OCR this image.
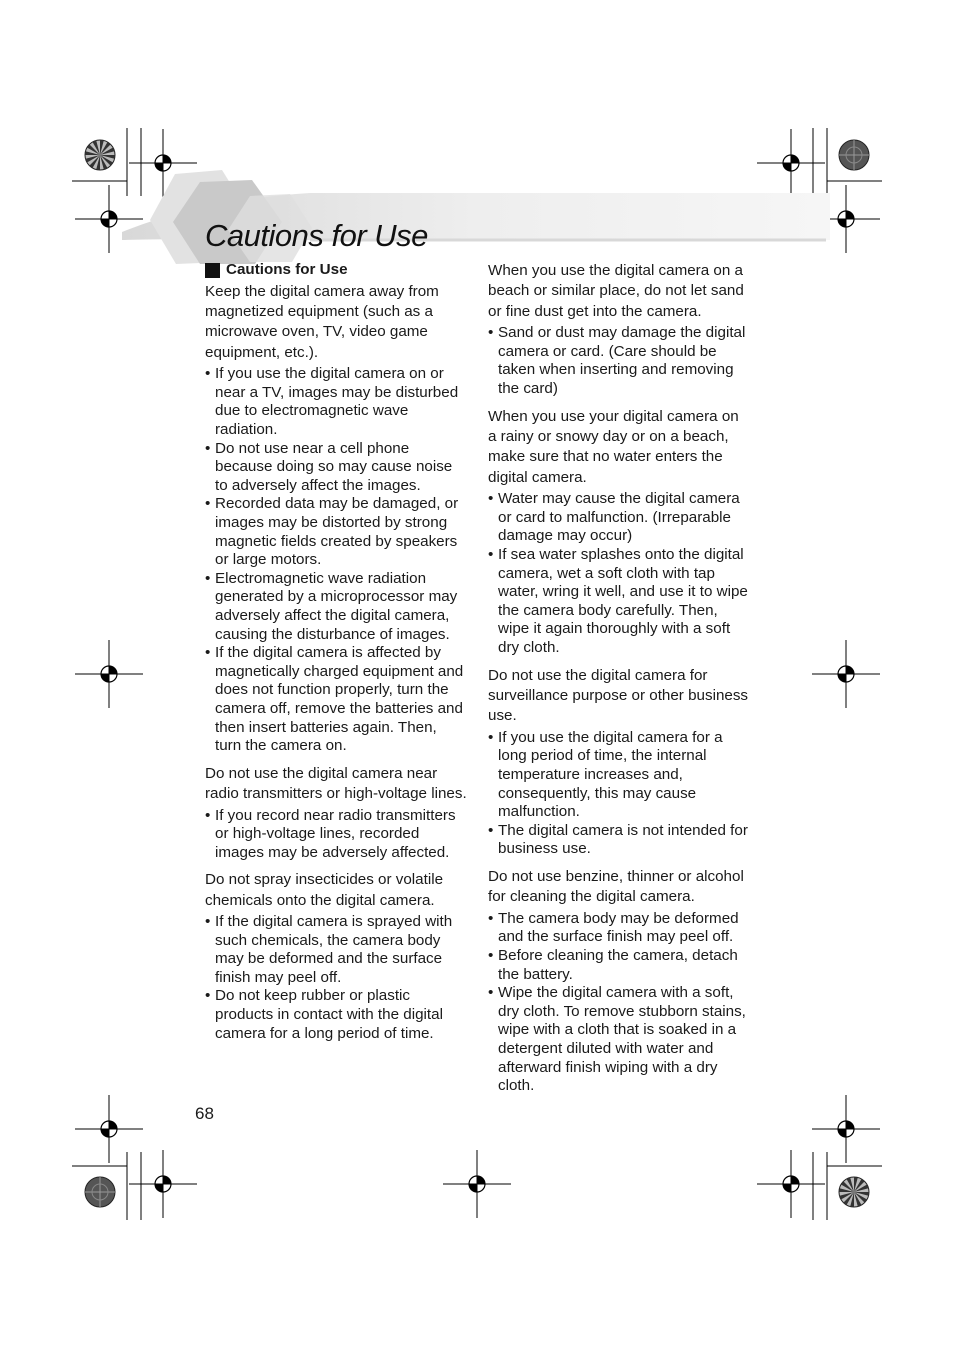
Cautions for Use
Cautions for Use

Keep the digital camera away from magnetized equipment (such as a microwave oven, TV, video game equipment, etc.).

• If you use the digital camera on or near a TV, images may be disturbed due to electromagnetic wave radiation.
• Do not use near a cell phone because doing so may cause noise to adversely affect the images.
• Recorded data may be damaged, or images may be distorted by strong magnetic fields created by speakers or large motors.
• Electromagnetic wave radiation generated by a microprocessor may adversely affect the digital camera, causing the disturbance of images.
• If the digital camera is affected by magnetically charged equipment and does not function properly, turn the camera off, remove the batteries and then insert batteries again. Then, turn the camera on.

Do not use the digital camera near radio transmitters or high-voltage lines.

• If you record near radio transmitters or high-voltage lines, recorded images may be adversely affected.

Do not spray insecticides or volatile chemicals onto the digital camera.

• If the digital camera is sprayed with such chemicals, the camera body may be deformed and the surface finish may peel off.
• Do not keep rubber or plastic products in contact with the digital camera for a long period of time.

When you use the digital camera on a beach or similar place, do not let sand or fine dust get into the camera.

• Sand or dust may damage the digital camera or card. (Care should be taken when inserting and removing the card)

When you use your digital camera on a rainy or snowy day or on a beach, make sure that no water enters the digital camera.

• Water may cause the digital camera or card to malfunction. (Irreparable damage may occur)
• If sea water splashes onto the digital camera, wet a soft cloth with tap water, wring it well, and use it to wipe the camera body carefully. Then, wipe it again thoroughly with a soft dry cloth.

Do not use the digital camera for surveillance purpose or other business use.

• If you use the digital camera for a long period of time, the internal temperature increases and, consequently, this may cause malfunction.
• The digital camera is not intended for business use.

Do not use benzine, thinner or alcohol for cleaning the digital camera.

• The camera body may be deformed and the surface finish may peel off.
• Before cleaning the camera, detach the battery.
• Wipe the digital camera with a soft, dry cloth. To remove stubborn stains, wipe with a cloth that is soaked in a detergent diluted with water and afterward finish wiping with a dry cloth.
68
